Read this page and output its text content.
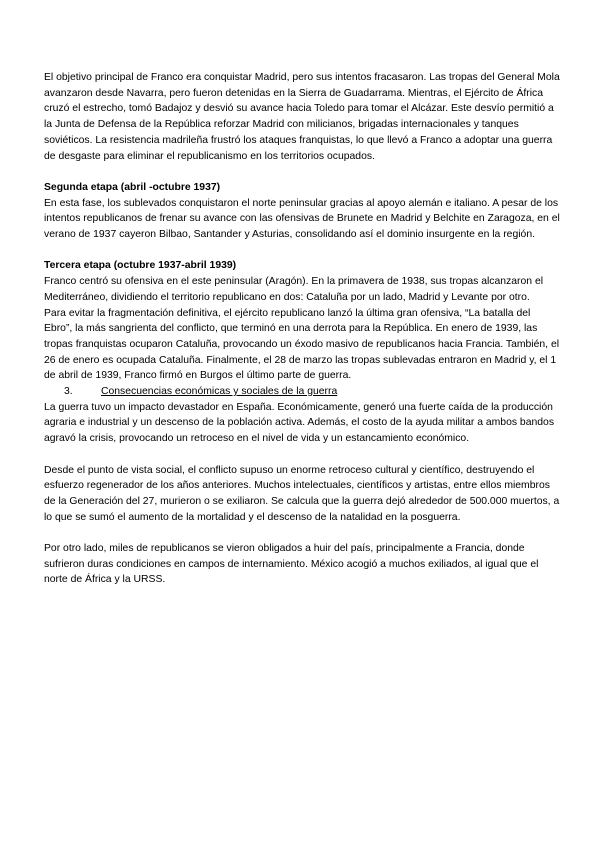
El objetivo principal de Franco era conquistar Madrid, pero sus intentos fracasaron. Las tropas del General Mola avanzaron desde Navarra, pero fueron detenidas en la Sierra de Guadarrama. Mientras, el Ejército de África cruzó el estrecho, tomó Badajoz y desvió su avance hacia Toledo para tomar el Alcázar. Este desvío permitió a la Junta de Defensa de la República reforzar Madrid con milicianos, brigadas internacionales y tanques soviéticos. La resistencia madrileña frustró los ataques franquistas, lo que llevó a Franco a adoptar una guerra de desgaste para eliminar el republicanismo en los territorios ocupados.

Segunda etapa (abril -octubre 1937)

En esta fase, los sublevados conquistaron el norte peninsular gracias al apoyo alemán e italiano. A pesar de los intentos republicanos de frenar su avance con las ofensivas de Brunete en Madrid y Belchite en Zaragoza, en el verano de 1937 cayeron Bilbao, Santander y Asturias, consolidando así el dominio insurgente en la región.

Tercera etapa (octubre 1937-abril 1939)

Franco centró su ofensiva en el este peninsular (Aragón). En la primavera de 1938, sus tropas alcanzaron el Mediterráneo, dividiendo el territorio republicano en dos: Cataluña por un lado, Madrid y Levante por otro.

Para evitar la fragmentación definitiva, el ejército republicano lanzó la última gran ofensiva, “La batalla del Ebro”, la más sangrienta del conflicto, que terminó en una derrota para la República. En enero de 1939, las tropas franquistas ocuparon Cataluña, provocando un éxodo masivo de republicanos hacia Francia. También, el 26 de enero es ocupada Cataluña. Finalmente, el 28 de marzo las tropas sublevadas entraron en Madrid y, el 1 de abril de 1939, Franco firmó en Burgos el último parte de guerra.

3.	Consecuencias económicas y sociales de la guerra

La guerra tuvo un impacto devastador en España. Económicamente, generó una fuerte caída de la producción agraria e industrial y un descenso de la población activa. Además, el costo de la ayuda militar a ambos bandos agravó la crisis, provocando un retroceso en el nivel de vida y un estancamiento económico.

Desde el punto de vista social, el conflicto supuso un enorme retroceso cultural y científico, destruyendo el esfuerzo regenerador de los años anteriores. Muchos intelectuales, científicos y artistas, entre ellos miembros de la Generación del 27, murieron o se exiliaron. Se calcula que la guerra dejó alrededor de 500.000 muertos, a lo que se sumó el aumento de la mortalidad y el descenso de la natalidad en la posguerra.

Por otro lado, miles de republicanos se vieron obligados a huir del país, principalmente a Francia, donde sufrieron duras condiciones en campos de internamiento. México acogió a muchos exiliados, al igual que el norte de África y la URSS.
